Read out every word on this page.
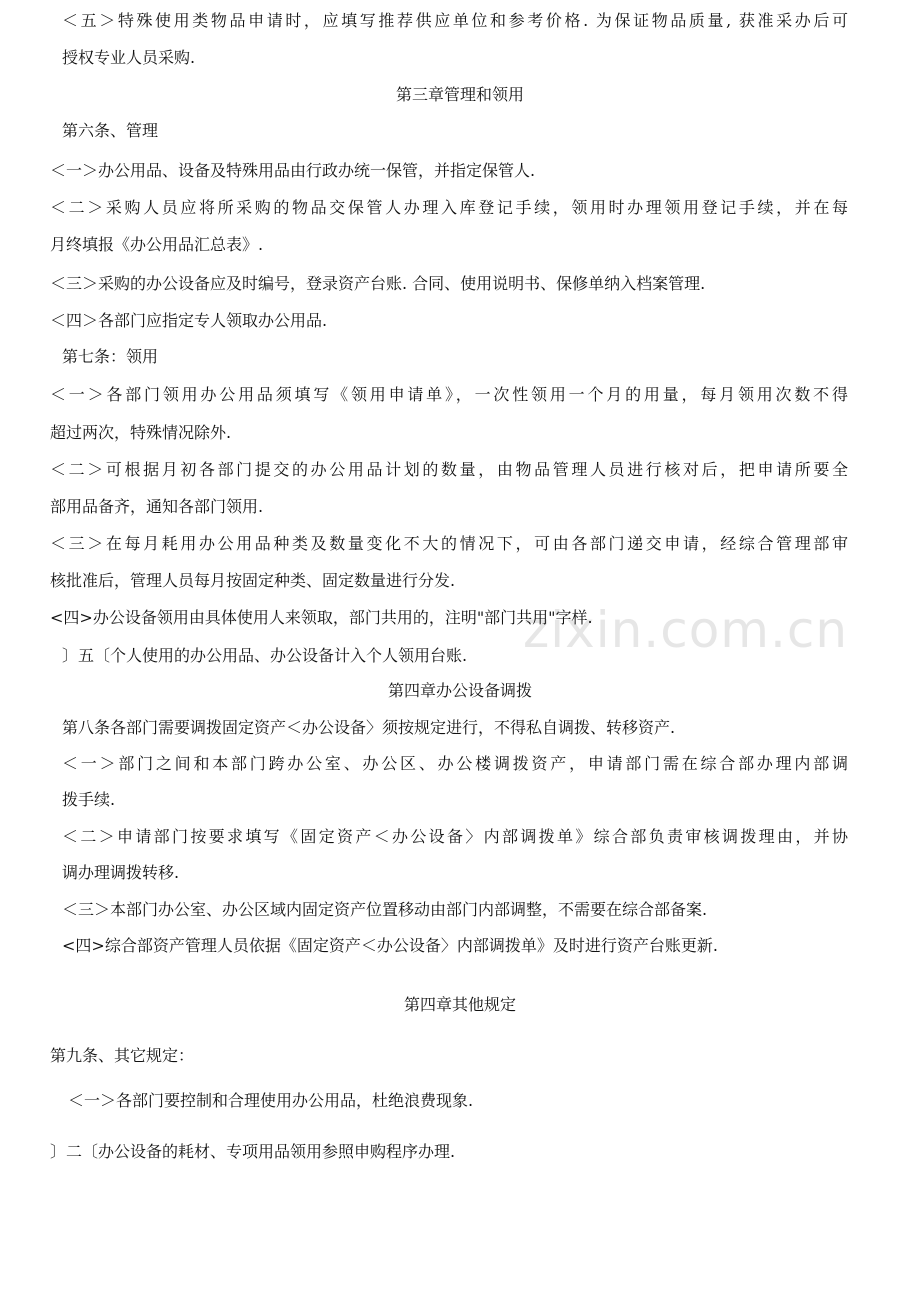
zixin.com.cn
＜五＞特殊使用类物品申请时，应填写推荐供应单位和参考价格. 为保证物品质量, 获准采办后可
授权专业人员采购.
第三章管理和领用
第六条、管理
＜一＞办公用品、设备及特殊用品由行政办统一保管，并指定保管人.
＜二＞采购人员应将所采购的物品交保管人办理入库登记手续，领用时办理领用登记手续，并在每
月终填报《办公用品汇总表》.
＜三＞采购的办公设备应及时编号，登录资产台账. 合同、使用说明书、保修单纳入档案管理.
＜四＞各部门应指定专人领取办公用品.
第七条：领用
＜一＞各部门领用办公用品须填写《领用申请单》，一次性领用一个月的用量，每月领用次数不得
超过两次，特殊情况除外.
＜二＞可根据月初各部门提交的办公用品计划的数量，由物品管理人员进行核对后，把申请所要全
部用品备齐，通知各部门领用.
＜三＞在每月耗用办公用品种类及数量变化不大的情况下，可由各部门递交申请，经综合管理部审
核批准后，管理人员每月按固定种类、固定数量进行分发.
<四>办公设备领用由具体使用人来领取，部门共用的，注明"部门共用"字样.
〕五〔个人使用的办公用品、办公设备计入个人领用台账.
第四章办公设备调拨
第八条各部门需要调拨固定资产＜办公设备〉须按规定进行，不得私自调拨、转移资产.
＜一＞部门之间和本部门跨办公室、办公区、办公楼调拨资产，申请部门需在综合部办理内部调
拨手续.
＜二＞申请部门按要求填写《固定资产＜办公设备〉内部调拨单》综合部负责审核调拨理由，并协
调办理调拨转移.
＜三＞本部门办公室、办公区域内固定资产位置移动由部门内部调整，不需要在综合部备案.
<四>综合部资产管理人员依据《固定资产＜办公设备〉内部调拨单》及时进行资产台账更新.
第四章其他规定
第九条、其它规定：
＜一＞各部门要控制和合理使用办公用品，杜绝浪费现象.
〕二〔办公设备的耗材、专项用品领用参照申购程序办理.
